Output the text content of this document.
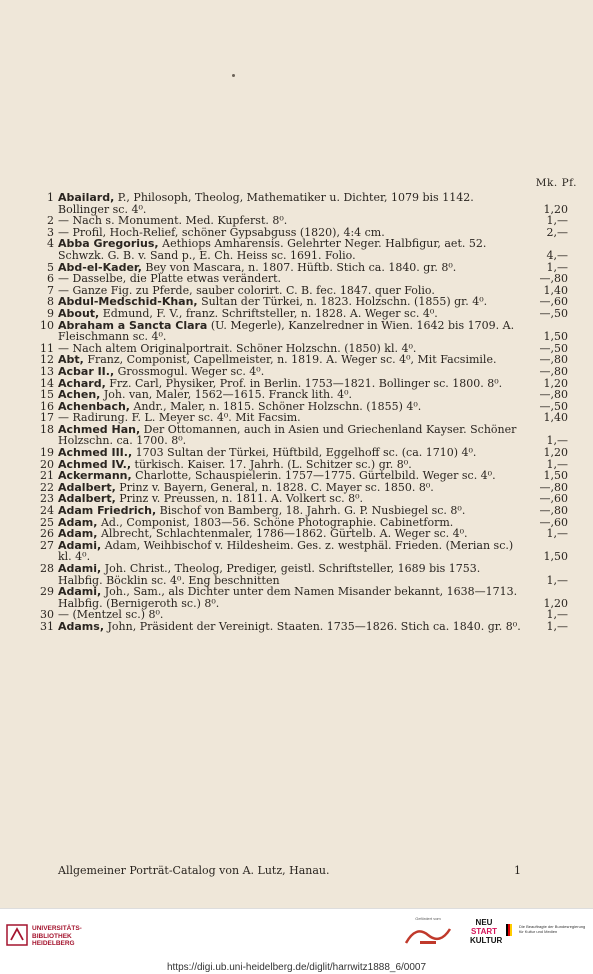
Mk. Pf.
1 Abailard, P., Philosoph, Theolog, Mathematiker u. Dichter, 1079 bis 1142. Bollinger sc. 4⁰.	1,20
2 — Nach s. Monument. Med. Kupferst. 8⁰.	1,—
3 — Profil, Hoch-Relief, schöner Gypsabguss (1820), 4:4 cm.	2,—
4 Abba Gregorius, Aethiops Amharensis. Gelehrter Neger. Halbfigur, aet. 52. Schwzk. G. B. v. Sand p., E. Ch. Heiss sc. 1691. Folio.	4,—
5 Abd-el-Kader, Bey von Mascara, n. 1807. Hüftb. Stich ca. 1840. gr. 8⁰.	1,—
6 — Dasselbe, die Platte etwas verändert.	—,80
7 — Ganze Fig. zu Pferde, sauber colorirt. C. B. fec. 1847. quer Folio.	1,40
8 Abdul-Medschid-Khan, Sultan der Türkei, n. 1823. Holzschn. (1855) gr. 4⁰.	—,60
9 About, Edmund, F. V., franz. Schriftsteller, n. 1828. A. Weger sc. 4⁰.	—,50
10 Abraham a Sancta Clara (U. Megerle), Kanzelredner in Wien. 1642 bis 1709. A. Fleischmann sc. 4⁰.	1,50
11 — Nach altem Originalportrait. Schöner Holzschn. (1850) kl. 4⁰.	—,50
12 Abt, Franz, Componist, Capellmeister, n. 1819. A. Weger sc. 4⁰, Mit Facsimile.	—,80
13 Acbar II., Grossmogul. Weger sc. 4⁰.	—,80
14 Achard, Frz. Carl, Physiker, Prof. in Berlin. 1753—1821. Bollinger sc. 1800. 8⁰.	1,20
15 Achen, Joh. van, Maler, 1562—1615. Franck lith. 4⁰.	—,80
16 Achenbach, Andr., Maler, n. 1815. Schöner Holzschn. (1855) 4⁰.	—,50
17 — Radirung. F. L. Meyer sc. 4⁰. Mit Facsim.	1,40
18 Achmed Han, Der Ottomannen, auch in Asien und Griechenland Kayser. Schöner Holzschn. ca. 1700. 8⁰.	1,—
19 Achmed III., 1703 Sultan der Türkei, Hüftbild, Eggelhoff sc. (ca. 1710) 4⁰.	1,20
20 Achmed IV., türkisch. Kaiser. 17. Jahrh. (L. Schitzer sc.) gr. 8⁰.	1,—
21 Ackermann, Charlotte, Schauspielerin. 1757—1775. Gürtelbild. Weger sc. 4⁰.	1,50
22 Adalbert, Prinz v. Bayern, General, n. 1828. C. Mayer sc. 1850. 8⁰.	—,80
23 Adalbert, Prinz v. Preussen, n. 1811. A. Volkert sc. 8⁰.	—,60
24 Adam Friedrich, Bischof von Bamberg, 18. Jahrh. G. P. Nusbiegel sc. 8⁰.	—,80
25 Adam, Ad., Componist, 1803—56. Schöne Photographie. Cabinetform.	—,60
26 Adam, Albrecht, Schlachtenmaler, 1786—1862. Gürtelb. A. Weger sc. 4⁰.	1,—
27 Adami, Adam, Weihbischof v. Hildesheim. Ges. z. westphäl. Frieden. (Merian sc.) kl. 4⁰.	1,50
28 Adami, Joh. Christ., Theolog, Prediger, geistl. Schriftsteller, 1689 bis 1753. Halbfig. Böcklin sc. 4⁰. Eng beschnitten	1,—
29 Adami, Joh., Sam., als Dichter unter dem Namen Misander bekannt, 1638—1713. Halbfig. (Bernigeroth sc.) 8⁰.	1,20
30 — (Mentzel sc.) 8⁰.	1,—
31 Adams, John, Präsident der Vereinigt. Staaten. 1735—1826. Stich ca. 1840. gr. 8⁰.	1,—
Allgemeiner Porträt-Catalog von A. Lutz, Hanau.	1
UNIVERSITÄTS-
BIBLIOTHEK
HEIDELBERG
Gefördert vom	NEU
START
KULTUR
Die Beauftragte der Bundesregierung für Kultur und Medien
https://digi.ub.uni-heidelberg.de/diglit/harrwitz1888_6/0007
